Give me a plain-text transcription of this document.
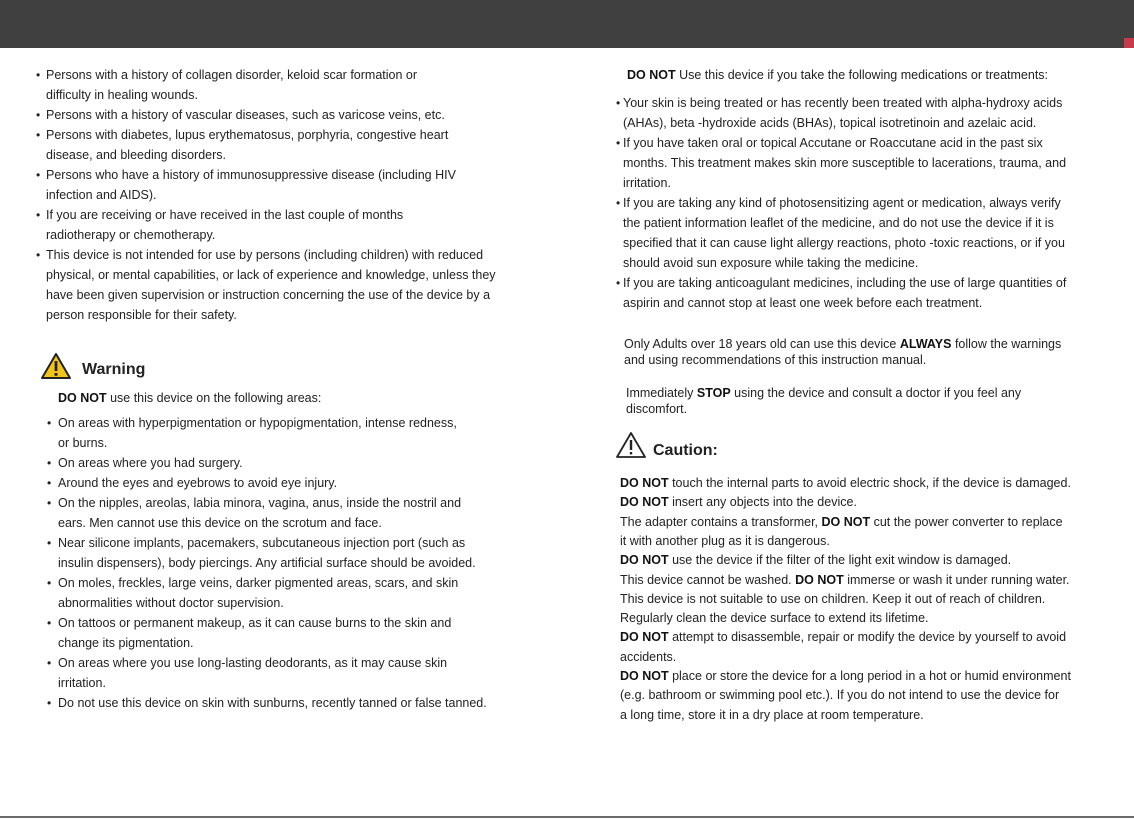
• Persons with a history of collagen disorder, keloid scar formation or
difficulty in healing wounds.
• Persons with a history of vascular diseases, such as varicose veins, etc.
• Persons with diabetes, lupus erythematosus, porphyria, congestive heart
disease, and bleeding disorders.
• Persons who have a history of immunosuppressive disease (including HIV
infection and AIDS).
• If you are receiving or have received in the last couple of months
radiotherapy or chemotherapy.
• This device is not intended for use by persons (including children) with reduced
physical, or mental capabilities, or lack of experience and knowledge, unless they
have been given supervision or instruction concerning the use of the device by a
person responsible for their safety.
Warning
DO NOT use this device on the following areas:
• On areas with hyperpigmentation or hypopigmentation, intense redness,
or burns.
• On areas where you had surgery.
• Around the eyes and eyebrows to avoid eye injury.
• On the nipples, areolas, labia minora, vagina, anus, inside the nostril and
ears. Men cannot use this device on the scrotum and face.
• Near silicone implants, pacemakers, subcutaneous injection port (such as
insulin dispensers), body piercings. Any artificial surface should be avoided.
• On moles, freckles, large veins, darker pigmented areas, scars, and skin
abnormalities without doctor supervision.
• On tattoos or permanent makeup, as it can cause burns to the skin and
change its pigmentation.
• On areas where you use long-lasting deodorants, as it may cause skin
irritation.
• Do not use this device on skin with sunburns, recently tanned or false tanned.
DO NOT Use this device if you take the following medications or treatments:
• Your skin is being treated or has recently been treated with alpha-hydroxy acids
(AHAs), beta -hydroxide acids (BHAs), topical isotretinoin and azelaic acid.
• If you have taken oral or topical Accutane or Roaccutane acid in the past six
months. This treatment makes skin more susceptible to lacerations, trauma, and
irritation.
• If you are taking any kind of photosensitizing agent or medication, always verify
the patient information leaflet of the medicine, and do not use the device if it is
specified that it can cause light allergy reactions, photo -toxic reactions, or if you
should avoid sun exposure while taking the medicine.
• If you are taking anticoagulant medicines, including the use of large quantities of
aspirin and cannot stop at least one week before each treatment.
Only Adults over 18 years old can use this device ALWAYS follow the warnings
and using recommendations of this instruction manual.
Immediately STOP using the device and consult a doctor if you feel any
discomfort.
Caution:
DO NOT touch the internal parts to avoid electric shock, if the device is damaged.
DO NOT insert any objects into the device.
The adapter contains a transformer, DO NOT cut the power converter to replace
it with another plug as it is dangerous.
DO NOT use the device if the filter of the light exit window is damaged.
This device cannot be washed. DO NOT immerse or wash it under running water.
This device is not suitable to use on children. Keep it out of reach of children.
Regularly clean the device surface to extend its lifetime.
DO NOT attempt to disassemble, repair or modify the device by yourself to avoid
accidents.
DO NOT place or store the device for a long period in a hot or humid environment
(e.g. bathroom or swimming pool etc.). If you do not intend to use the device for
a long time, store it in a dry place at room temperature.
